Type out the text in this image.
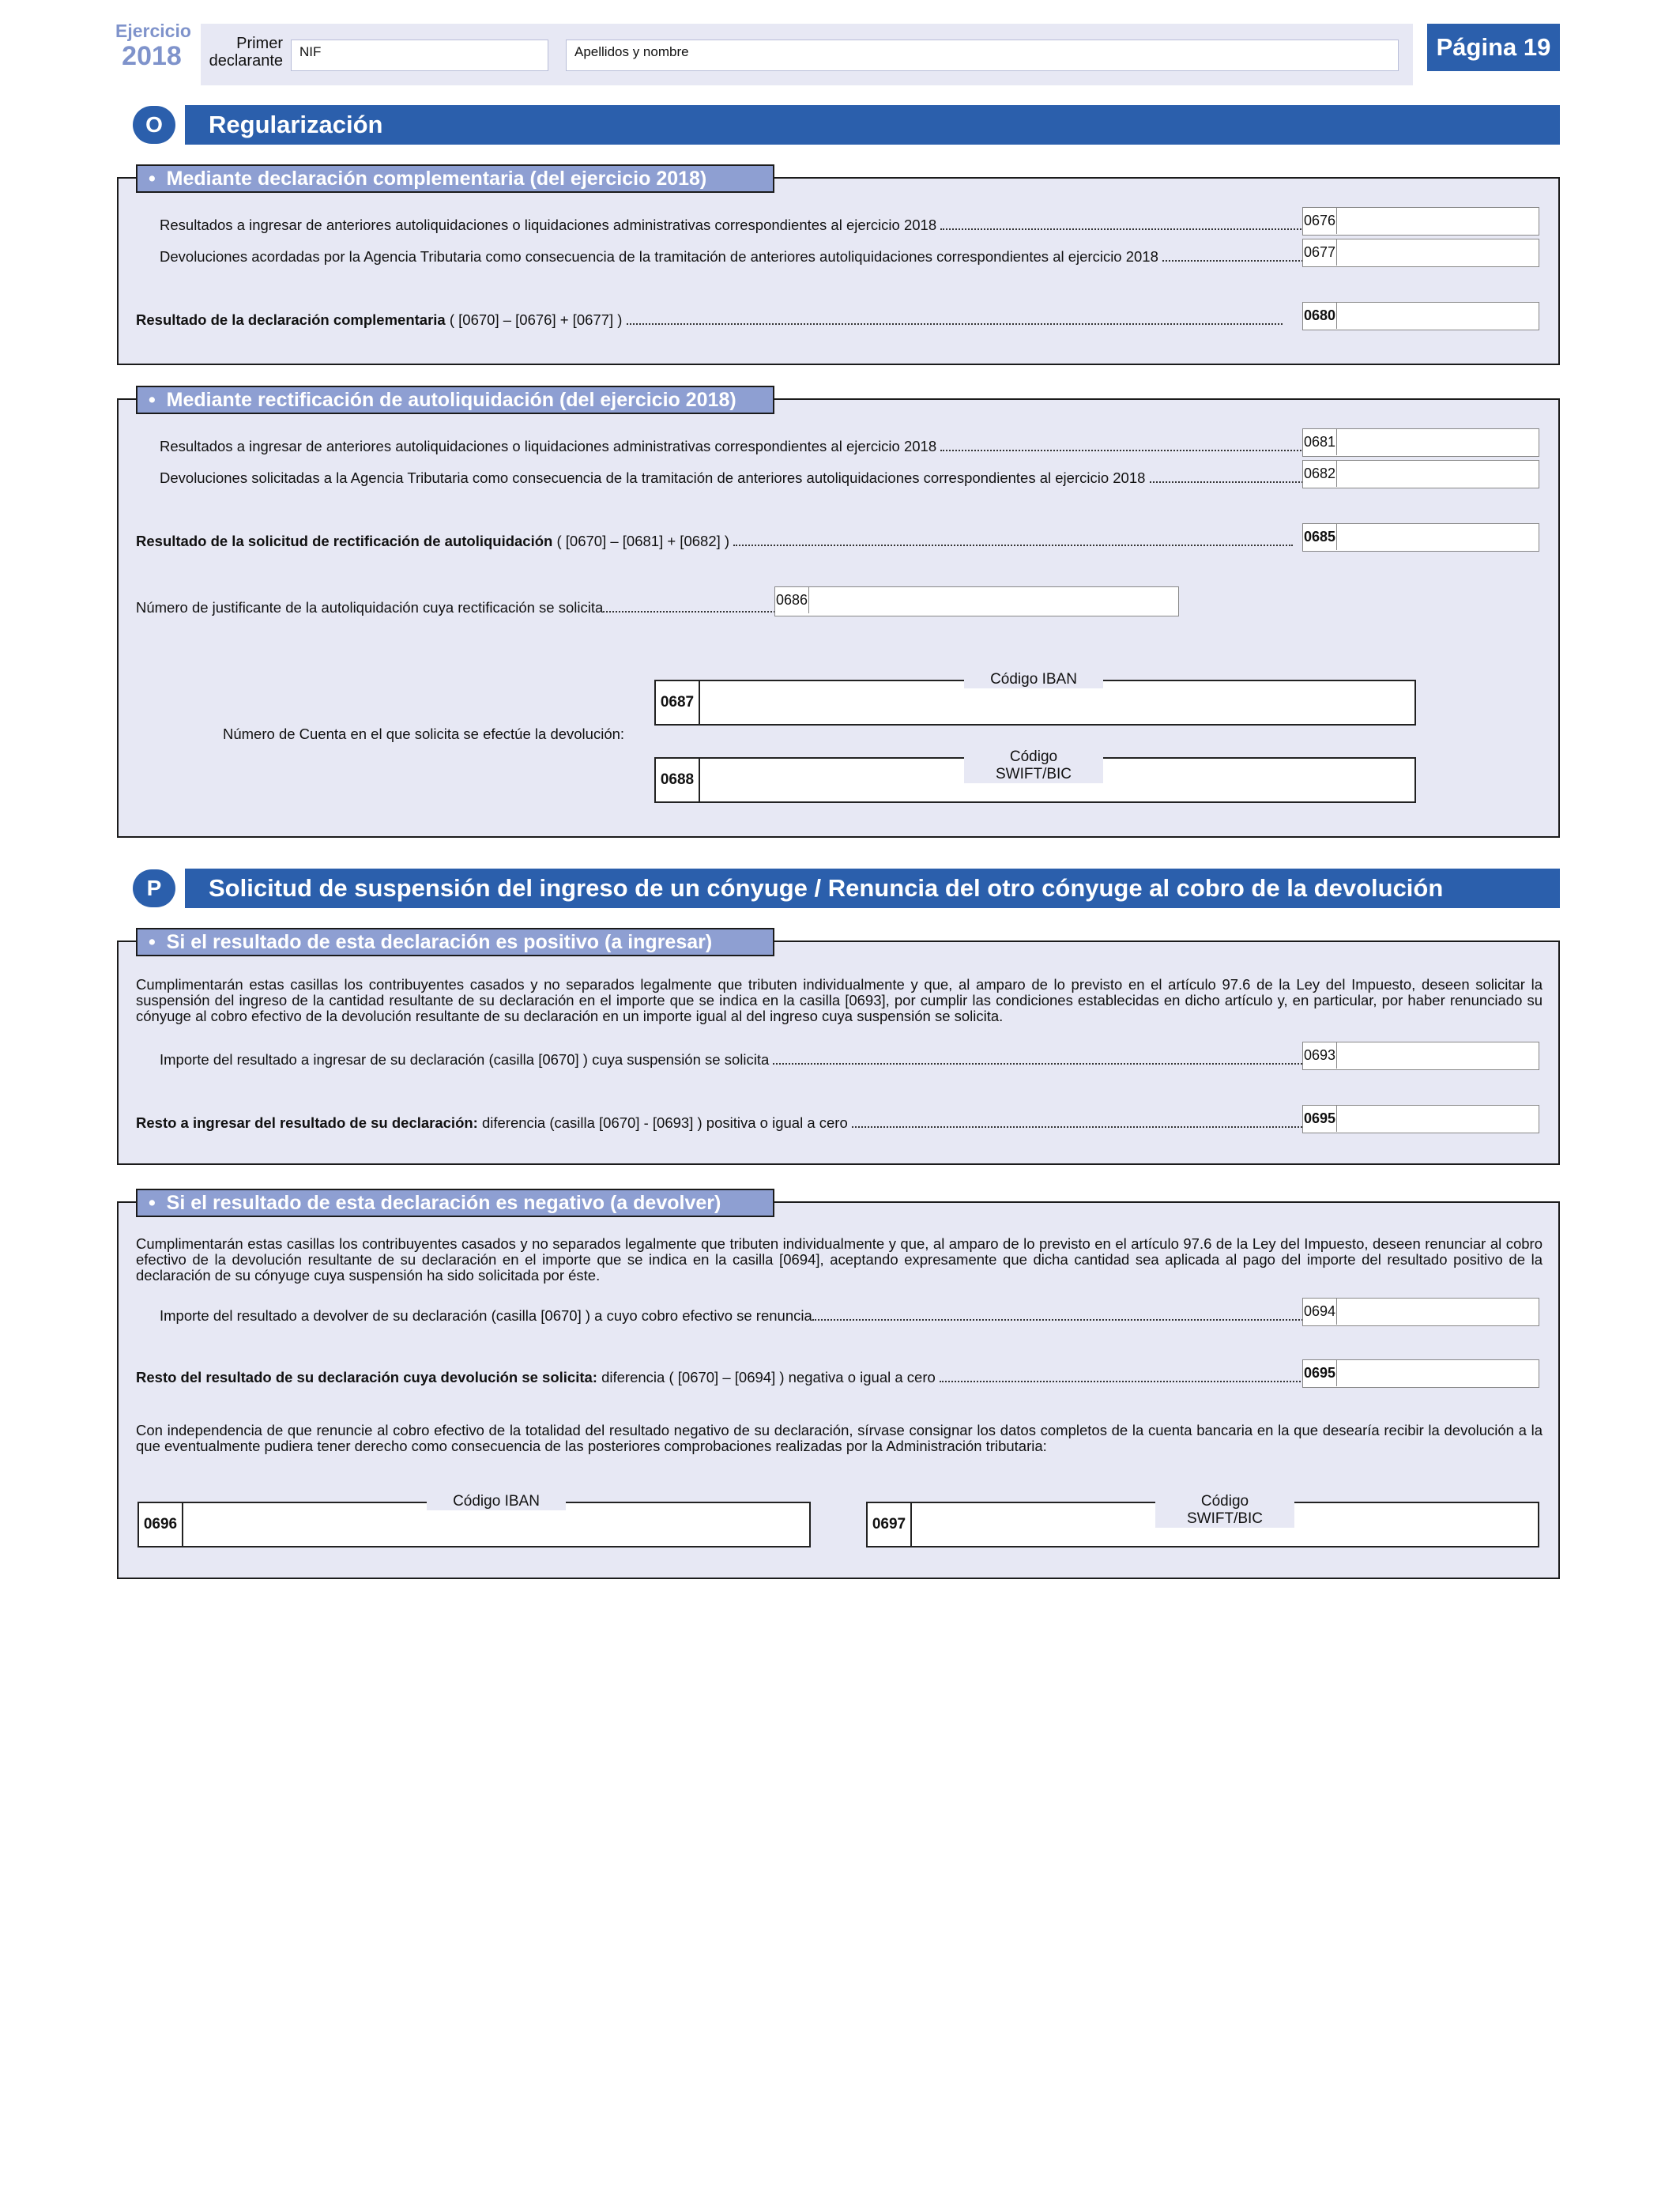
Ejercicio
2018	Primer
declarante
NIF	Apellidos y nombre	Página 19
O	Regularización
•  Mediante declaración complementaria (del ejercicio 2018)
Resultados a ingresar de anteriores autoliquidaciones o liquidaciones administrativas correspondientes al ejercicio 2018	0676
Devoluciones acordadas por la Agencia Tributaria como consecuencia de la tramitación de anteriores autoliquidaciones correspondientes al ejercicio 2018	0677
Resultado de la declaración complementaria ( [0670] – [0676] + [0677] )	0680
•  Mediante rectificación de autoliquidación (del ejercicio 2018)
Resultados a ingresar de anteriores autoliquidaciones o liquidaciones administrativas correspondientes al ejercicio 2018	0681
Devoluciones solicitadas a la Agencia Tributaria como consecuencia de la tramitación de anteriores autoliquidaciones correspondientes al ejercicio 2018	0682
Resultado de la solicitud de rectificación de autoliquidación ( [0670] – [0681] + [0682] )	0685
Número de justificante de la autoliquidación cuya rectificación se solicita	0686
Número de Cuenta en el que solicita se efectúe la devolución:
0687
Código IBAN
0688
Código SWIFT/BIC
P	Solicitud de suspensión del ingreso de un cónyuge / Renuncia del otro cónyuge al cobro de la devolución
•  Si el resultado de esta declaración es positivo (a ingresar)
Cumplimentarán estas casillas los contribuyentes casados y no separados legalmente que tributen individualmente y que, al amparo de lo previsto en el artículo 97.6 de la Ley del Impuesto, deseen solicitar la suspensión del ingreso de la cantidad resultante de su declaración en el importe que se indica en la casilla [0693], por cumplir las condiciones establecidas en dicho artículo y, en particular, por haber renunciado su cónyuge al cobro efectivo de la devolución resultante de su declaración en un importe igual al del ingreso cuya suspensión se solicita.
Importe del resultado a ingresar de su declaración (casilla [0670] ) cuya suspensión se solicita	0693
Resto a ingresar del resultado de su declaración: diferencia (casilla [0670] - [0693] ) positiva o igual a cero	0695
•  Si el resultado de esta declaración es negativo (a devolver)
Cumplimentarán estas casillas los contribuyentes casados y no separados legalmente que tributen individualmente y que, al amparo de lo previsto en el artículo 97.6 de la Ley del Impuesto, deseen renunciar al cobro efectivo de la devolución resultante de su declaración en el importe que se indica en la casilla [0694], aceptando expresamente que dicha cantidad sea aplicada al pago del importe del resultado positivo de la declaración de su cónyuge cuya suspensión ha sido solicitada por éste.
Importe del resultado a devolver de su declaración (casilla [0670] ) a cuyo cobro efectivo se renuncia	0694
Resto del resultado de su declaración cuya devolución se solicita: diferencia ( [0670] – [0694] ) negativa o igual a cero	0695
Con independencia de que renuncie al cobro efectivo de la totalidad del resultado negativo de su declaración, sírvase consignar los datos completos de la cuenta bancaria en la que desearía recibir la devolución a la que eventualmente pudiera tener derecho como consecuencia de las posteriores comprobaciones realizadas por la Administración tributaria:
0696
Código IBAN
0697
Código SWIFT/BIC
